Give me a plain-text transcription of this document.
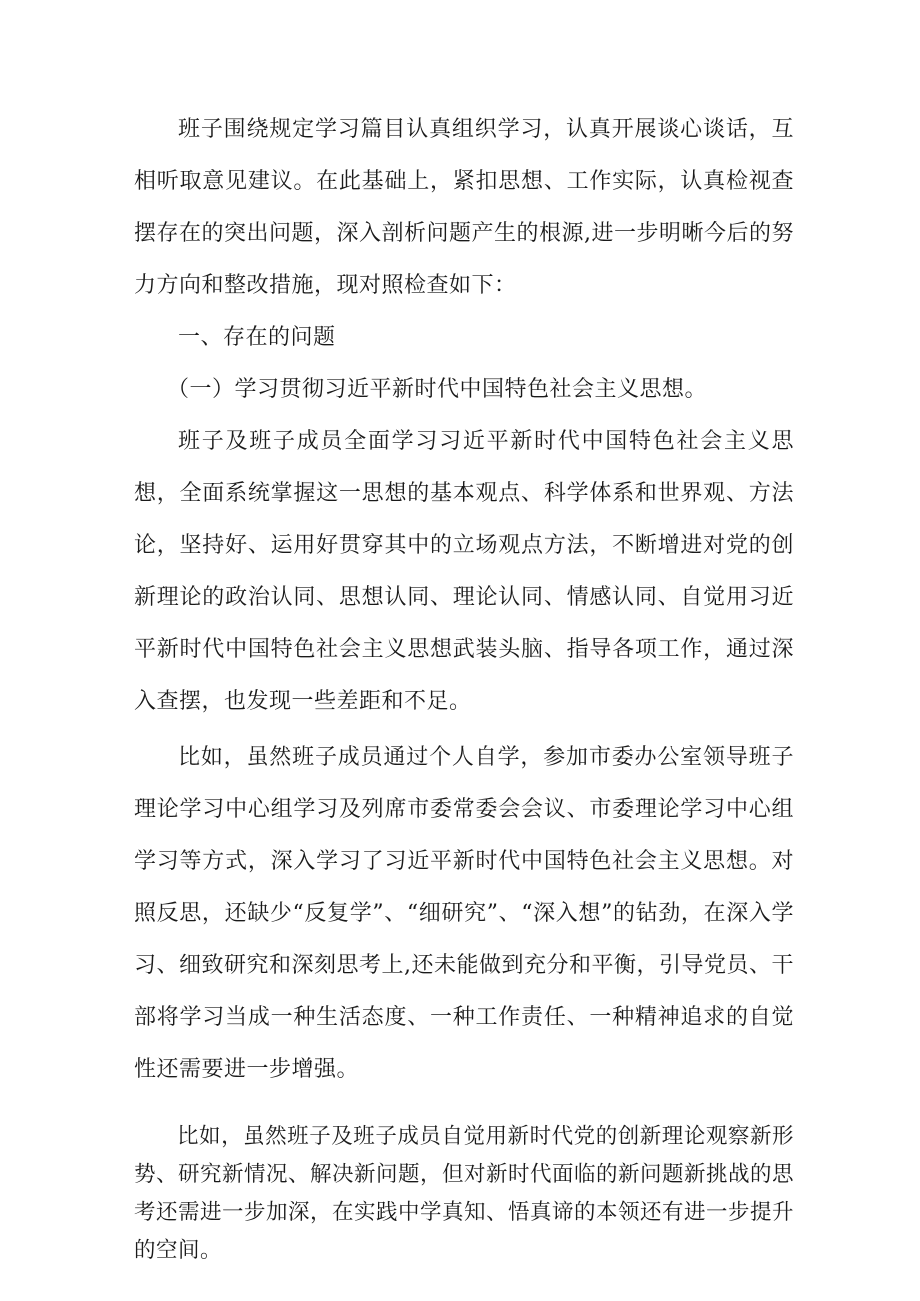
班子围绕规定学习篇目认真组织学习，认真开展谈心谈话，互相听取意见建议。在此基础上，紧扣思想、工作实际，认真检视查摆存在的突出问题，深入剖析问题产生的根源,进一步明晰今后的努力方向和整改措施，现对照检查如下：

一、存在的问题

（一）学习贯彻习近平新时代中国特色社会主义思想。

班子及班子成员全面学习习近平新时代中国特色社会主义思想，全面系统掌握这一思想的基本观点、科学体系和世界观、方法论，坚持好、运用好贯穿其中的立场观点方法，不断增进对党的创新理论的政治认同、思想认同、理论认同、情感认同、自觉用习近平新时代中国特色社会主义思想武装头脑、指导各项工作，通过深入查摆，也发现一些差距和不足。

比如，虽然班子成员通过个人自学，参加市委办公室领导班子理论学习中心组学习及列席市委常委会会议、市委理论学习中心组学习等方式，深入学习了习近平新时代中国特色社会主义思想。对照反思，还缺少“反复学”、“细研究”、“深入想”的钻劲，在深入学习、细致研究和深刻思考上,还未能做到充分和平衡，引导党员、干部将学习当成一种生活态度、一种工作责任、一种精神追求的自觉性还需要进一步增强。

比如，虽然班子及班子成员自觉用新时代党的创新理论观察新形势、研究新情况、解决新问题，但对新时代面临的新问题新挑战的思考还需进一步加深，在实践中学真知、悟真谛的本领还有进一步提升的空间。
